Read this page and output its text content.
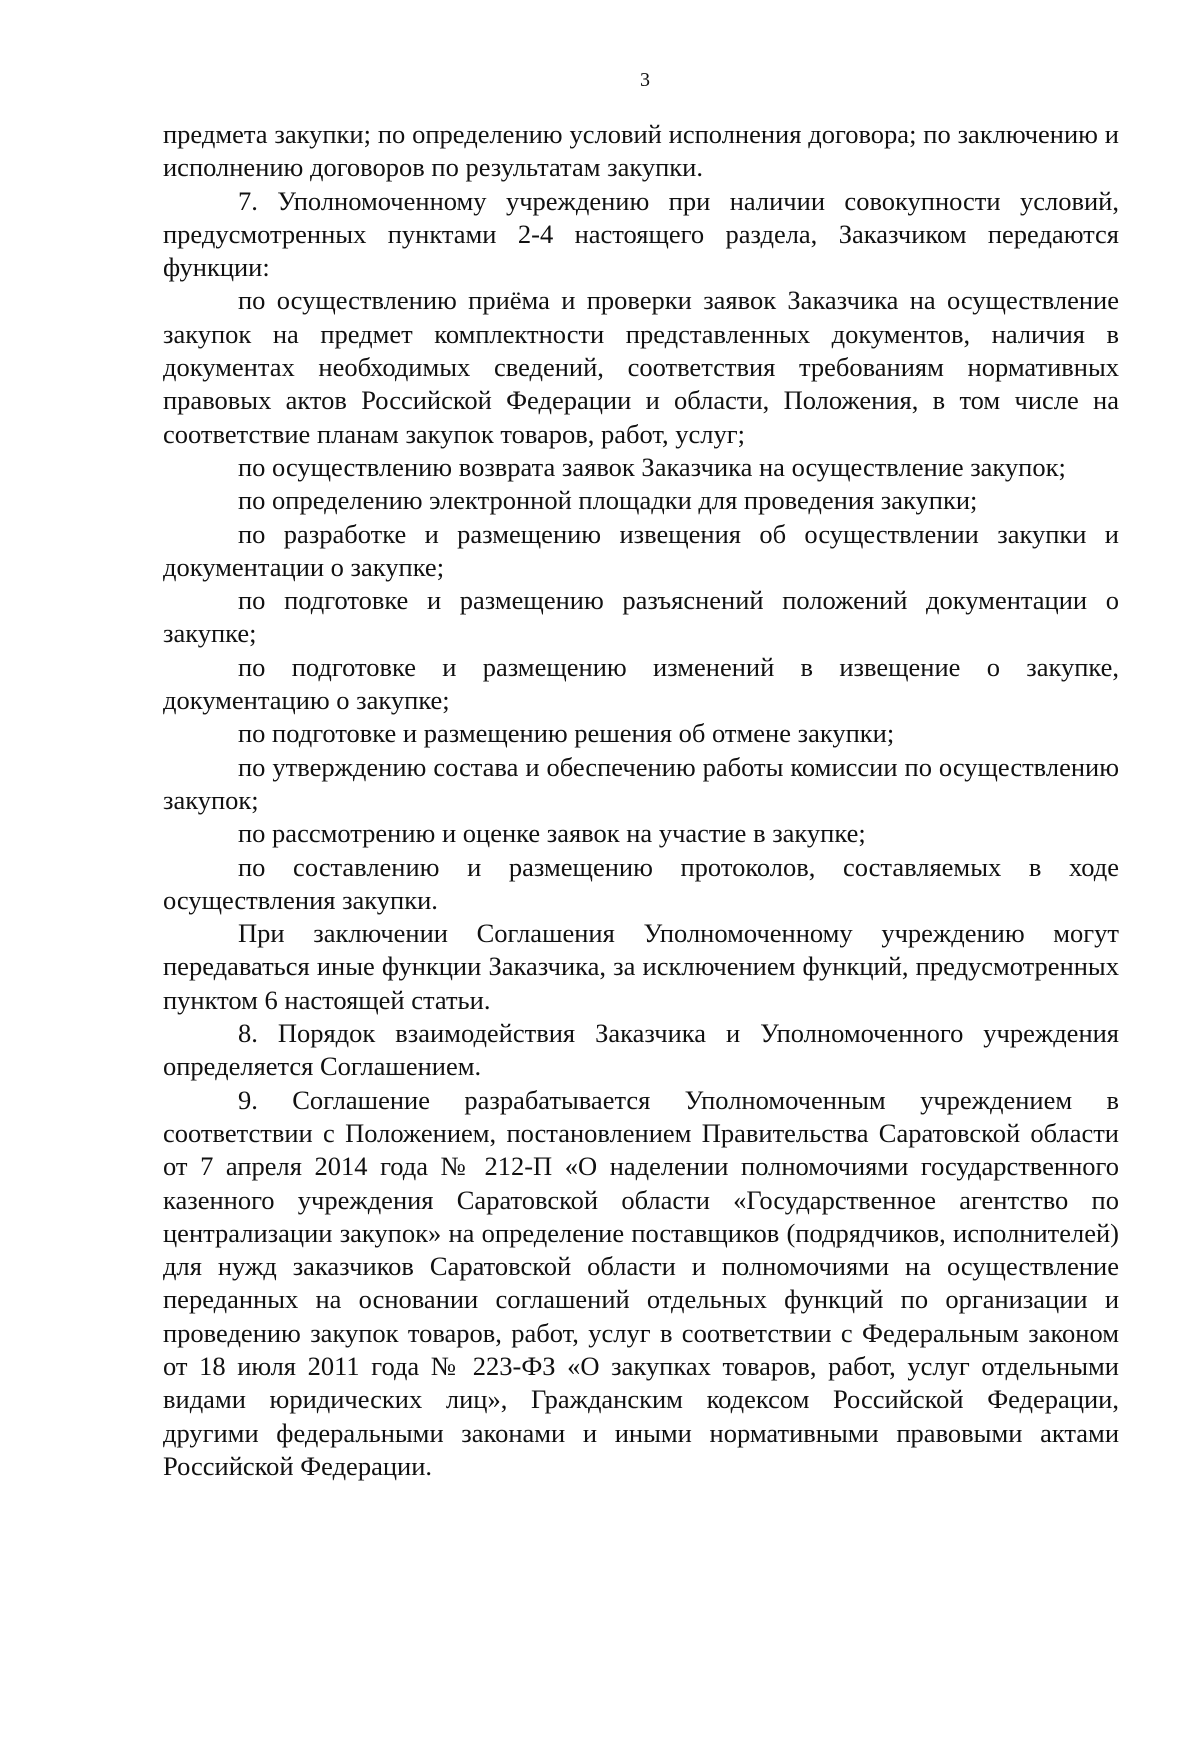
3

предмета закупки; по определению условий исполнения договора; по заключению и исполнению договоров по результатам закупки.

7. Уполномоченному учреждению при наличии совокупности условий, предусмотренных пунктами 2-4 настоящего раздела, Заказчиком передаются функции:

по осуществлению приёма и проверки заявок Заказчика на осуществление закупок на предмет комплектности представленных документов, наличия в документах необходимых сведений, соответствия требованиям нормативных правовых актов Российской Федерации и области, Положения, в том числе на соответствие планам закупок товаров, работ, услуг;

по осуществлению возврата заявок Заказчика на осуществление закупок;

по определению электронной площадки для проведения закупки;

по разработке и размещению извещения об осуществлении закупки и документации о закупке;

по подготовке и размещению разъяснений положений документации о закупке;

по подготовке и размещению изменений в извещение о закупке, документацию о закупке;

по подготовке и размещению решения об отмене закупки;

по утверждению состава и обеспечению работы комиссии по осуществлению закупок;

по рассмотрению и оценке заявок на участие в закупке;

по составлению и размещению протоколов, составляемых в ходе осуществления закупки.

При заключении Соглашения Уполномоченному учреждению могут передаваться иные функции Заказчика, за исключением функций, предусмотренных пунктом 6 настоящей статьи.

8. Порядок взаимодействия Заказчика и Уполномоченного учреждения определяется Соглашением.

9. Соглашение разрабатывается Уполномоченным учреждением в соответствии с Положением, постановлением Правительства Саратовской области от 7 апреля 2014 года № 212-П «О наделении полномочиями государственного казенного учреждения Саратовской области «Государственное агентство по централизации закупок» на определение поставщиков (подрядчиков, исполнителей) для нужд заказчиков Саратовской области и полномочиями на осуществление переданных на основании соглашений отдельных функций по организации и проведению закупок товаров, работ, услуг в соответствии с Федеральным законом от 18 июля 2011 года № 223-ФЗ «О закупках товаров, работ, услуг отдельными видами юридических лиц», Гражданским кодексом Российской Федерации, другими федеральными законами и иными нормативными правовыми актами Российской Федерации.
